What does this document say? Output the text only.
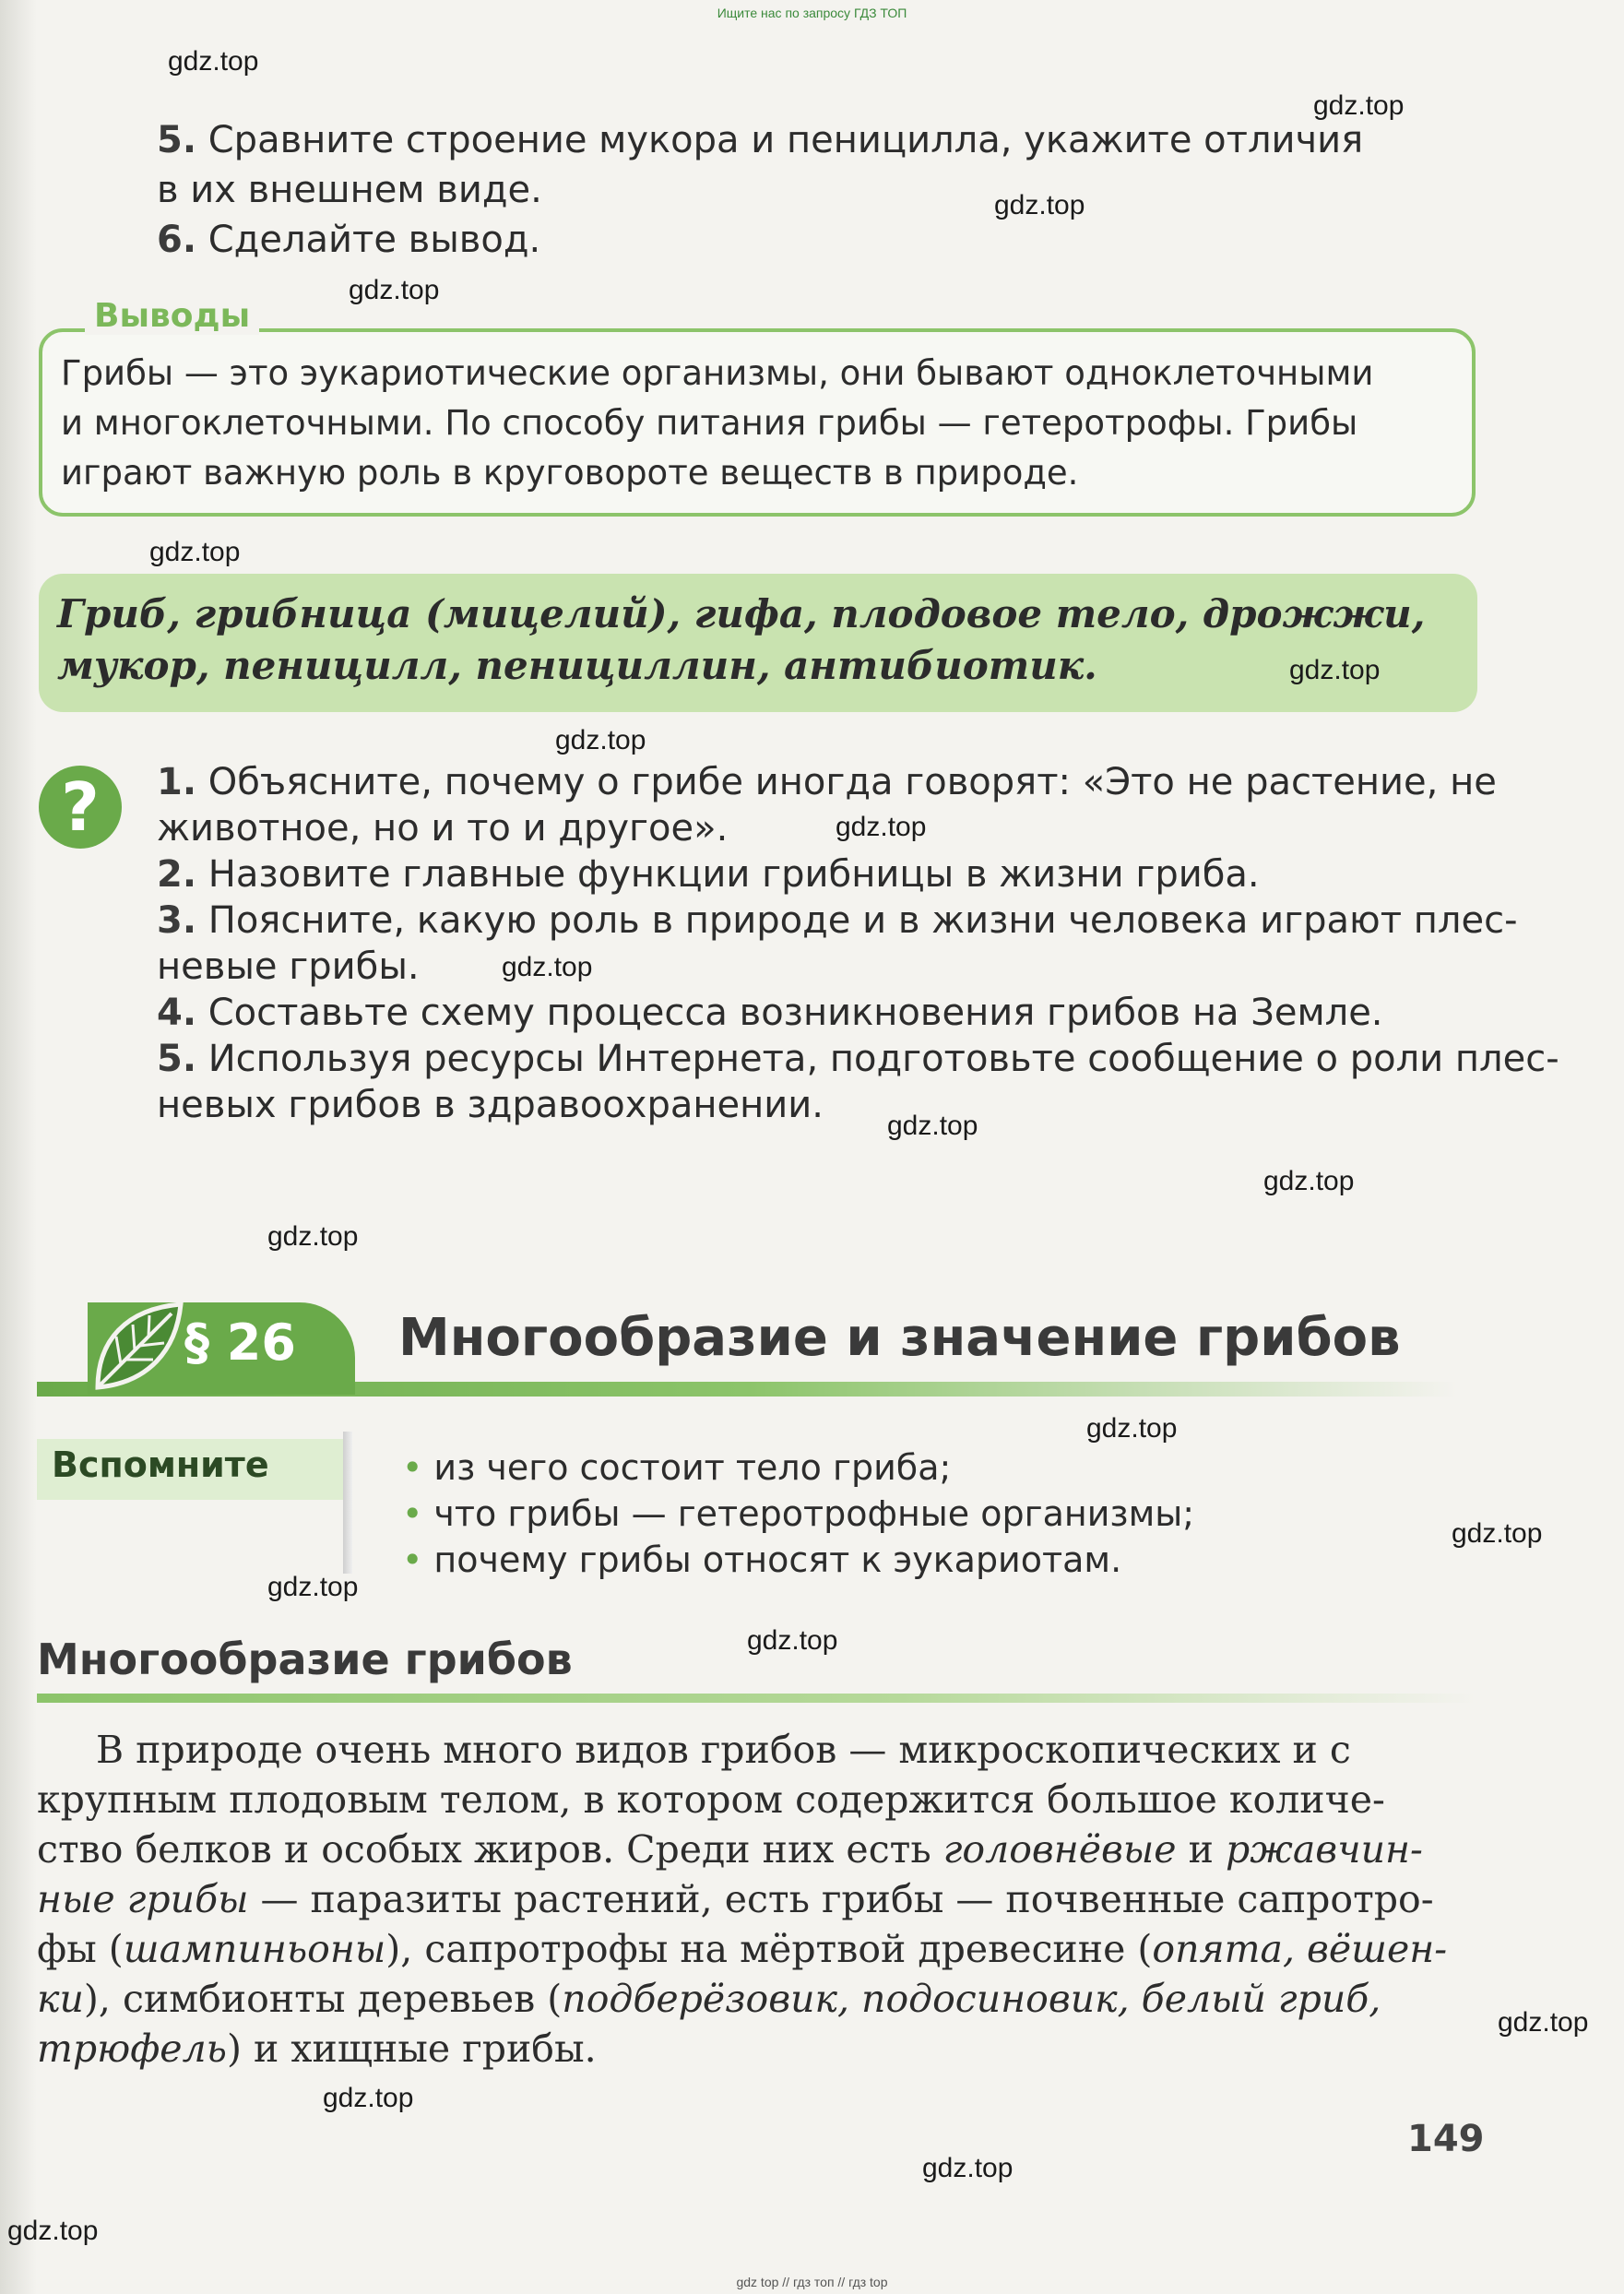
Ищите нас по запросу ГДЗ ТОП
5. Сравните строение мукора и пеницилла, укажите отличия
в их внешнем виде.
6. Сделайте вывод.
Выводы
Грибы — это эукариотические организмы, они бывают одноклеточными
и многоклеточными. По способу питания грибы — гетеротрофы. Грибы
играют важную роль в круговороте веществ в природе.
Гриб, грибница (мицелий), гифа, плодовое тело, дрожжи,
мукор, пеницилл, пенициллин, антибиотик.
?	1. Объясните, почему о грибе иногда говорят: «Это не растение, не
животное, но и то и другое».
2. Назовите главные функции грибницы в жизни гриба.
3. Поясните, какую роль в природе и в жизни человека играют плес-
невые грибы.
4. Составьте схему процесса возникновения грибов на Земле.
5. Используя ресурсы Интернета, подготовьте сообщение о роли плес-
невых грибов в здравоохранении.
§ 26 Многообразие и значение грибов
Вспомните	• из чего состоит тело гриба;
• что грибы — гетеротрофные организмы;
• почему грибы относят к эукариотам.
Многообразие грибов
В природе очень много видов грибов — микроскопических и с
крупным плодовым телом, в котором содержится большое количе-
ство белков и особых жиров. Среди них есть головнёвые и ржавчин-
ные грибы — паразиты растений, есть грибы — почвенные сапротро-
фы (шампиньоны), сапротрофы на мёртвой древесине (опята, вёшен-
ки), симбионты деревьев (подберёзовик, подосиновик, белый гриб,
трюфель) и хищные грибы.
149
gdz.top
gdz.top
gdz.top
gdz.top
gdz.top
gdz.top
gdz.top
gdz.top
gdz.top
gdz.top
gdz.top
gdz.top
gdz.top
gdz.top
gdz.top
gdz.top
gdz.top
gdz.top
gdz.top
gdz.top
gdz top // гдз топ // гдз top
